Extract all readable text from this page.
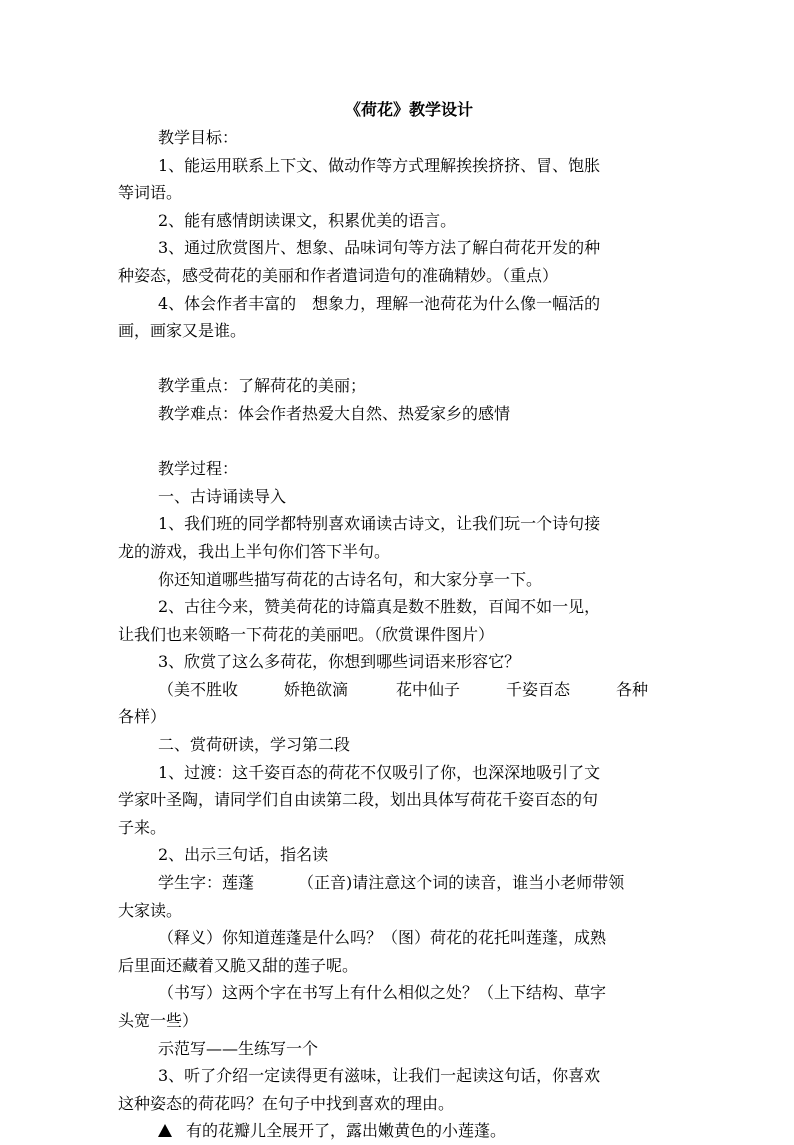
《荷花》教学设计
教学目标：
1、能运用联系上下文、做动作等方式理解挨挨挤挤、冒、饱胀
等词语。
2、能有感情朗读课文，积累优美的语言。
3、通过欣赏图片、想象、品味词句等方法了解白荷花开发的种
种姿态，感受荷花的美丽和作者遣词造句的准确精妙。（重点）
4、体会作者丰富的　想象力，理解一池荷花为什么像一幅活的
画，画家又是谁。
教学重点：了解荷花的美丽；
教学难点：体会作者热爱大自然、热爱家乡的感情
教学过程：
一、古诗诵读导入
1、我们班的同学都特别喜欢诵读古诗文，让我们玩一个诗句接
龙的游戏，我出上半句你们答下半句。
你还知道哪些描写荷花的古诗名句，和大家分享一下。
2、古往今来，赞美荷花的诗篇真是数不胜数，百闻不如一见，
让我们也来领略一下荷花的美丽吧。（欣赏课件图片）
3、欣赏了这么多荷花，你想到哪些词语来形容它？
（美不胜收	娇艳欲滴	花中仙子	千姿百态	各种
各样）
二、赏荷研读，学习第二段
1、过渡：这千姿百态的荷花不仅吸引了你，也深深地吸引了文
学家叶圣陶，请同学们自由读第二段，划出具体写荷花千姿百态的句
子来。
2、出示三句话，指名读
学生字：莲蓬	（正音)请注意这个词的读音，谁当小老师带领
大家读。
（释义）你知道莲蓬是什么吗？（图）荷花的花托叫莲蓬，成熟
后里面还藏着又脆又甜的莲子呢。
（书写）这两个字在书写上有什么相似之处？（上下结构、草字
头宽一些）
示范写——生练写一个
3、听了介绍一定读得更有滋味，让我们一起读这句话，你喜欢
这种姿态的荷花吗？在句子中找到喜欢的理由。
有的花瓣儿全展开了，露出嫩黄色的小莲蓬。
